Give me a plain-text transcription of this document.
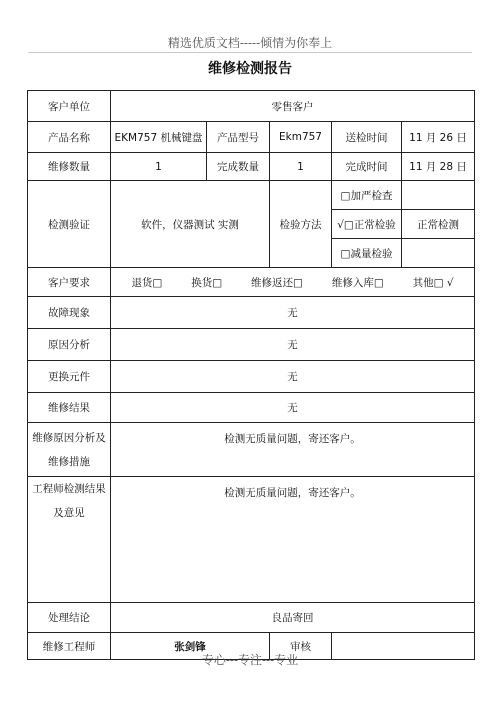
精选优质文档-----倾情为你奉上
维修检测报告
客户单位	零售客户				
产品名称	EKM757 机械键盘	产品型号	Ekm757	送检时间	11 月 26 日
维修数量	1	完成数量	1	完成时间	11 月 28 日
检测验证	软件，仪器测试 实测		检验方法	□加严检查	
				√□正常检验	正常检测
				□减量检验	
客户要求	退货□ 换货□ 维修返还□ 维修入库□ 其他□ √				

故障现象	无				
原因分析	无				
更换元件	无				
维修结果	无				

维修原因分析及
维修措施	检测无质量问题，寄还客户。				

工程师检测结果
及意见	检测无质量问题，寄还客户。				
处理结论	良品寄回				
维修工程师	张剑锋		审核		
专心---专注---专业
